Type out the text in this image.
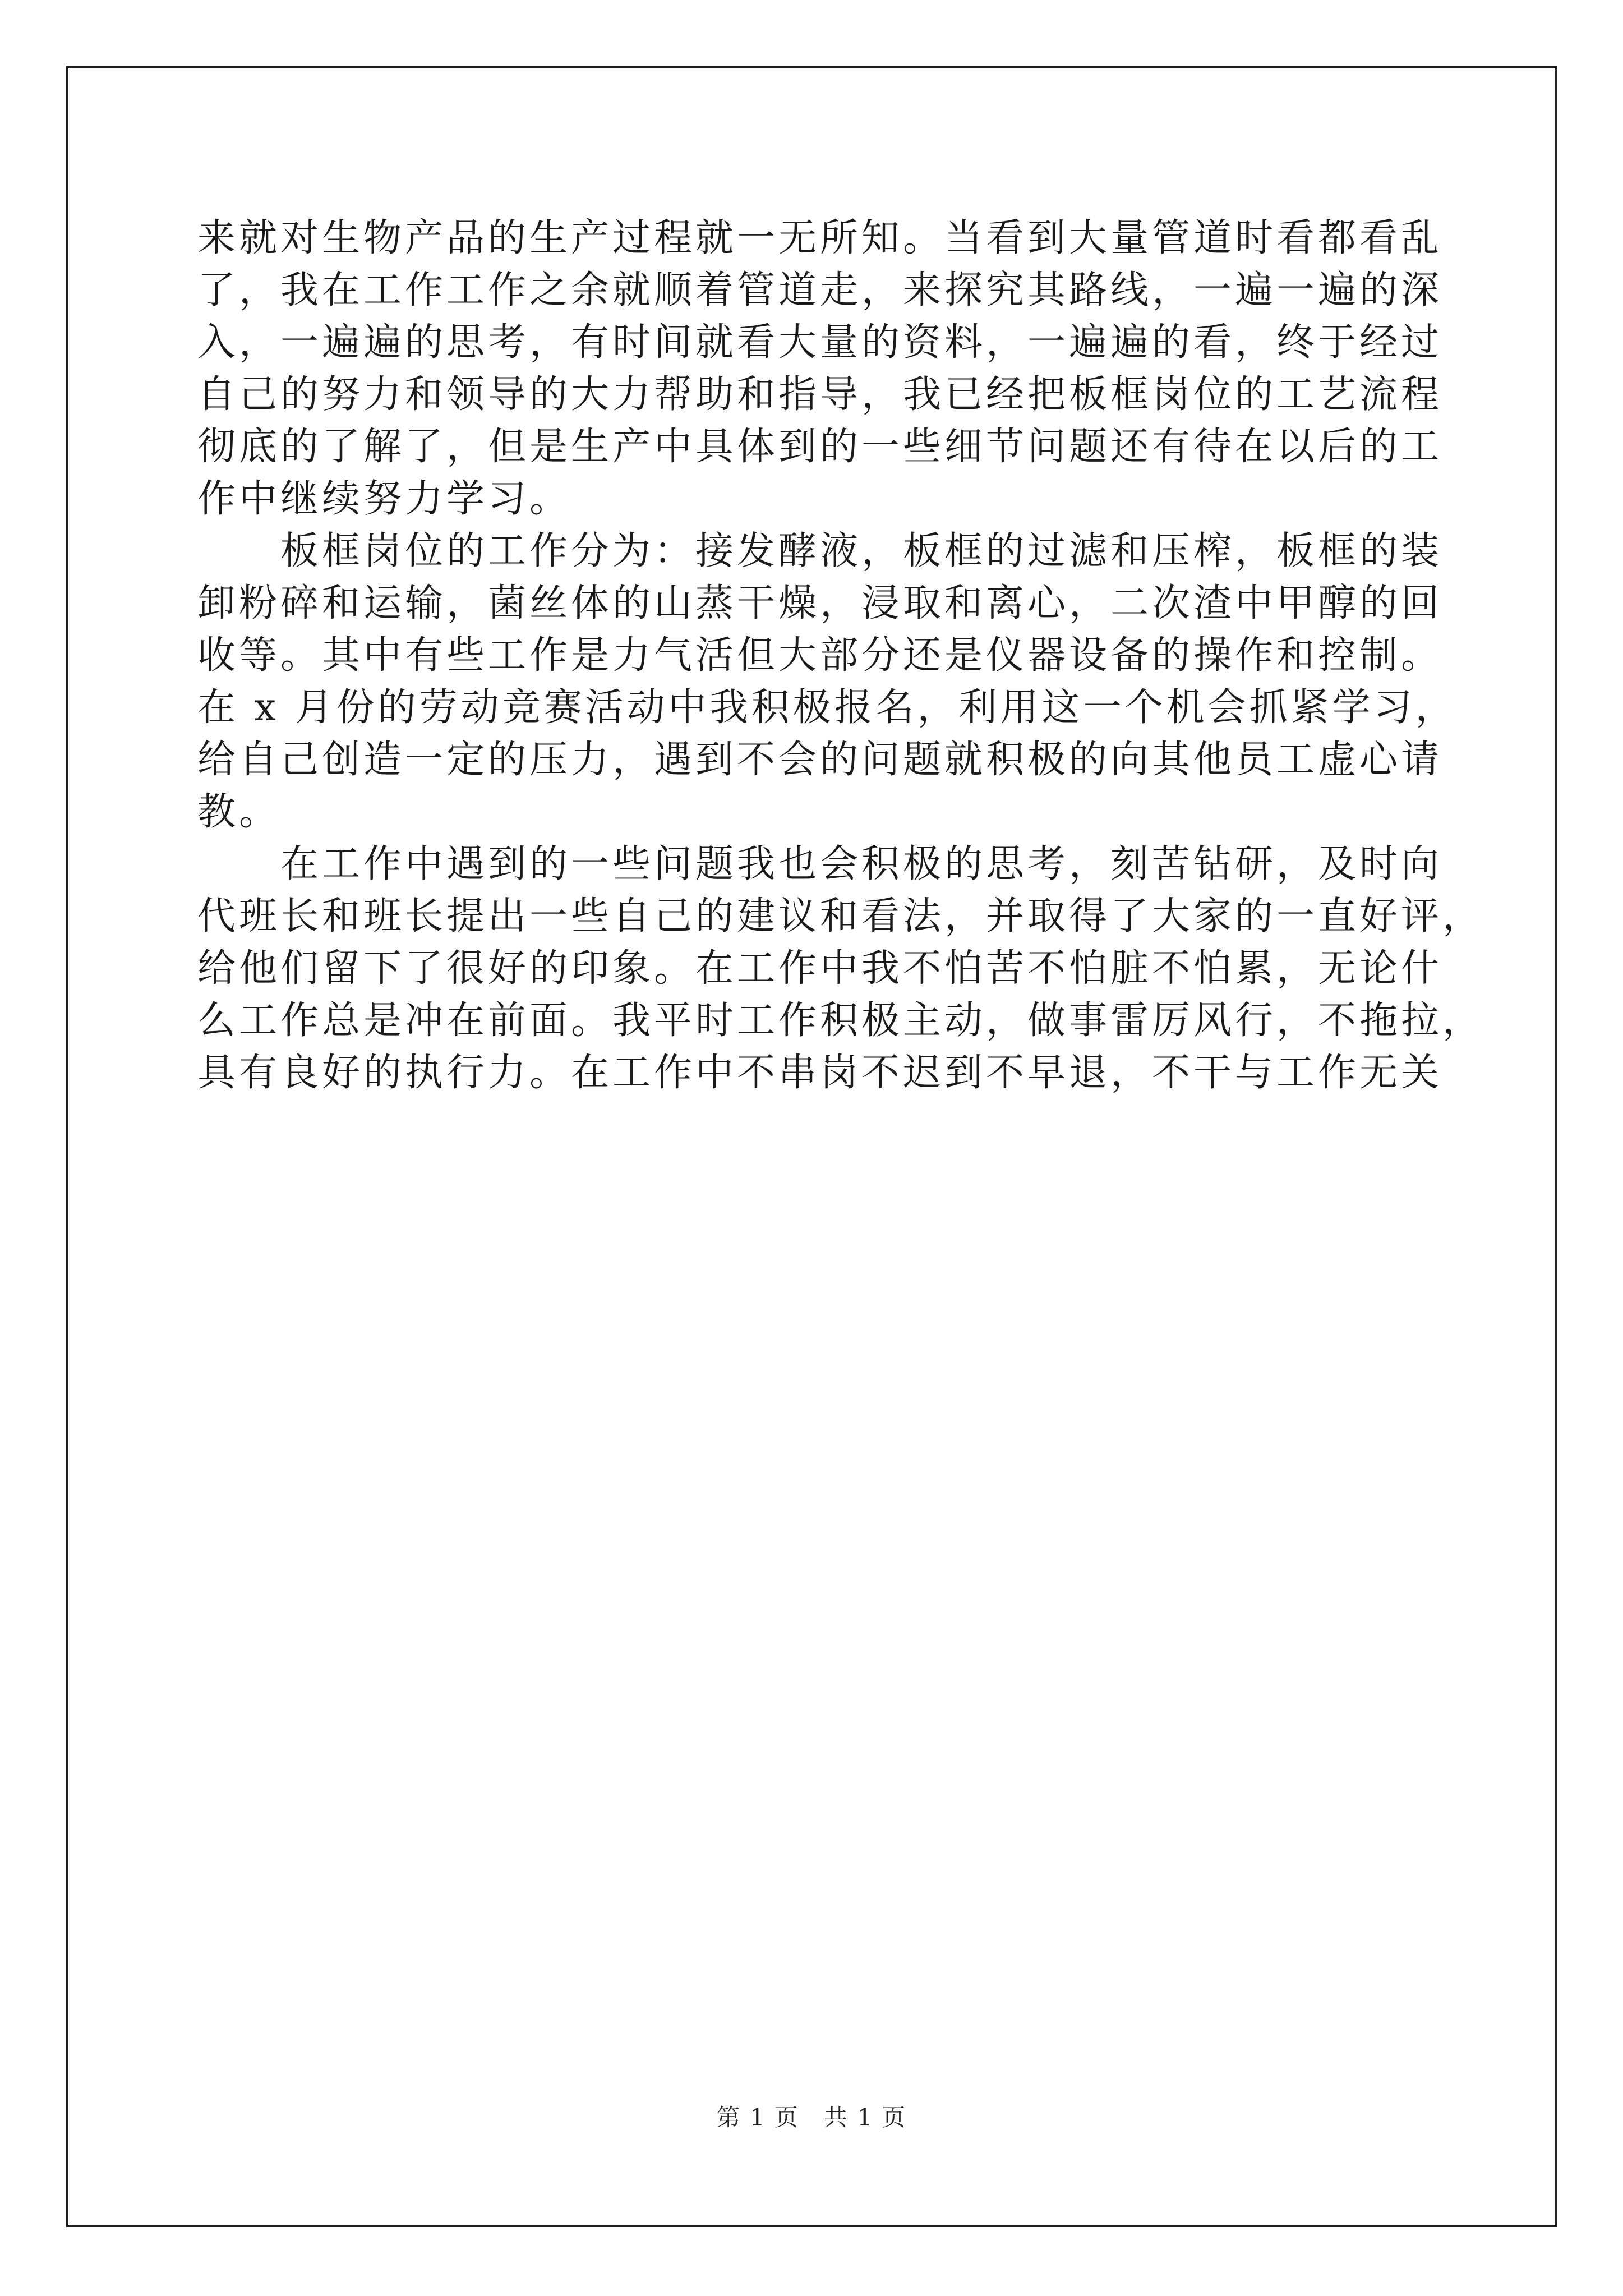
来就对生物产品的生产过程就一无所知。当看到大量管道时看都看乱
了，我在工作工作之余就顺着管道走，来探究其路线，一遍一遍的深
入，一遍遍的思考，有时间就看大量的资料，一遍遍的看，终于经过
自己的努力和领导的大力帮助和指导，我已经把板框岗位的工艺流程
彻底的了解了，但是生产中具体到的一些细节问题还有待在以后的工
作中继续努力学习。
　　板框岗位的工作分为：接发酵液，板框的过滤和压榨，板框的装
卸粉碎和运输，菌丝体的山蒸干燥，浸取和离心，二次渣中甲醇的回
收等。其中有些工作是力气活但大部分还是仪器设备的操作和控制。
在 x 月份的劳动竞赛活动中我积极报名，利用这一个机会抓紧学习，
给自己创造一定的压力，遇到不会的问题就积极的向其他员工虚心请
教。
　　在工作中遇到的一些问题我也会积极的思考，刻苦钻研，及时向
代班长和班长提出一些自己的建议和看法，并取得了大家的一直好评，
给他们留下了很好的印象。在工作中我不怕苦不怕脏不怕累，无论什
么工作总是冲在前面。我平时工作积极主动，做事雷厉风行，不拖拉，
具有良好的执行力。在工作中不串岗不迟到不早退，不干与工作无关
第 1 页 共 1 页
